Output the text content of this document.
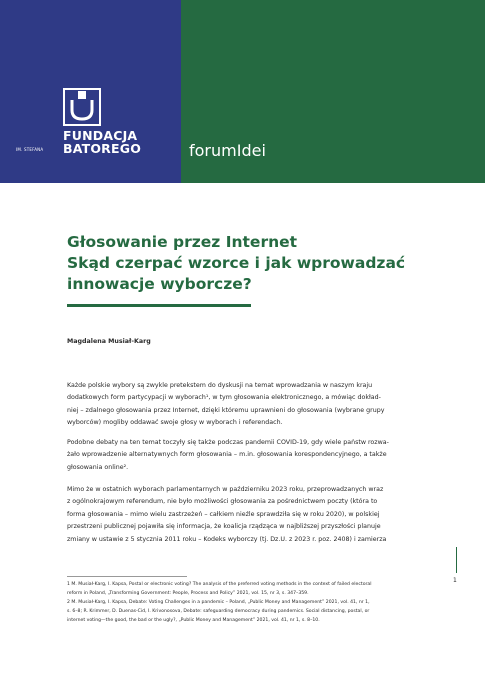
IM. STEFANA
FUNDACJA
BATOREGO	forumIdei
Głosowanie przez Internet
Skąd czerpać wzorce i jak wprowadzać
innowacje wyborcze?
Magdalena Musiał-Karg
Każde polskie wybory są zwykle pretekstem do dyskusji na temat wprowadzania w naszym kraju
dodatkowych form partycypacji w wyborach¹, w tym głosowania elektronicznego, a mówiąc dokład-
niej – zdalnego głosowania przez Internet, dzięki któremu uprawnieni do głosowania (wybrane grupy
wyborców) mogliby oddawać swoje głosy w wyborach i referendach.
Podobne debaty na ten temat toczyły się także podczas pandemii COVID-19, gdy wiele państw rozwa-
żało wprowadzenie alternatywnych form głosowania – m.in. głosowania korespondencyjnego, a także
głosowania online².
Mimo że w ostatnich wyborach parlamentarnych w październiku 2023 roku, przeprowadzanych wraz
z ogólnokrajowym referendum, nie było możliwości głosowania za pośrednictwem poczty (która to
forma głosowania – mimo wielu zastrzeżeń – całkiem nieźle sprawdziła się w roku 2020), w polskiej
przestrzeni publicznej pojawiła się informacja, że koalicja rządząca w najbliższej przyszłości planuje
zmiany w ustawie z 5 stycznia 2011 roku – Kodeks wyborczy (tj. Dz.U. z 2023 r. poz. 2408) i zamierza
1 M. Musiał-Karg, I. Kapsa, Postal or electronic voting? The analysis of the preferred voting methods in the context of failed electoral
reform in Poland, „Transforming Government: People, Process and Policy” 2021, vol. 15, nr 3, s. 347–359.
2 M. Musiał-Karg, I. Kapsa, Debate: Voting Challenges in a pandemic – Poland, „Public Money and Management” 2021, vol. 41, nr 1,
s. 6–8; R. Krimmer, D. Duenas-Cid, I. Krivonosova, Debate: safeguarding democracy during pandemics. Social distancing, postal, or
internet voting—the good, the bad or the ugly?, „Public Money and Management” 2021, vol. 41, nr 1, s. 8–10.
1
